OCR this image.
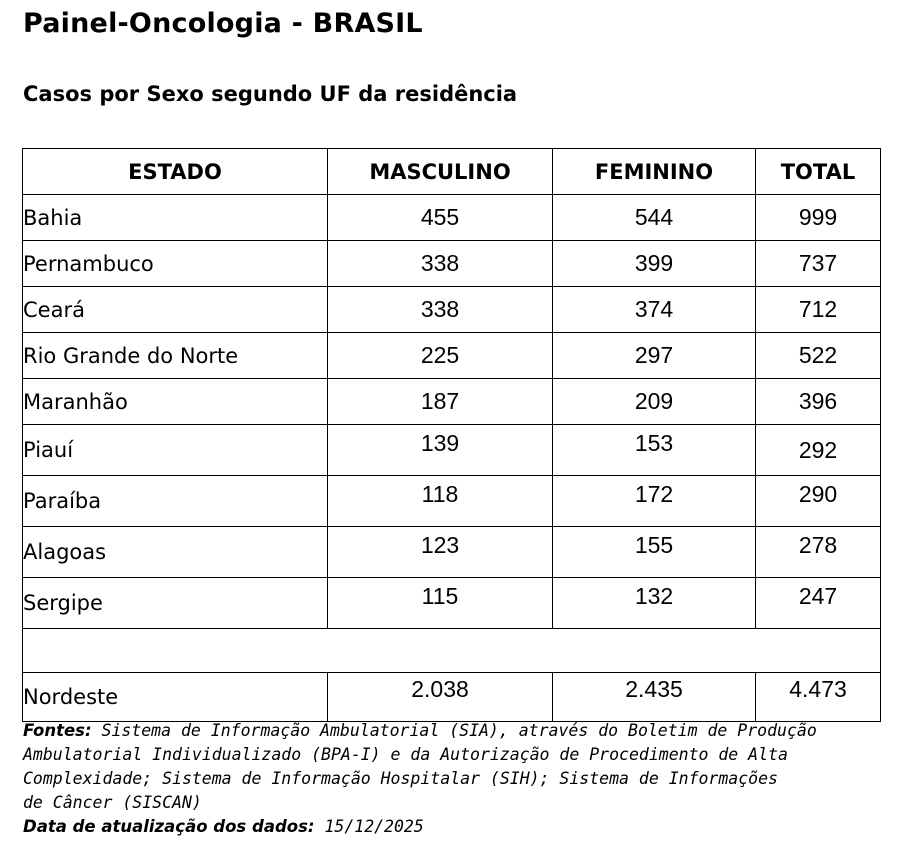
Painel-Oncologia - BRASIL
Casos por Sexo segundo UF da residência
ESTADO	MASCULINO	FEMININO	TOTAL
Bahia	455	544	999
Pernambuco	338	399	737
Ceará	338	374	712
Rio Grande do Norte	225	297	522
Maranhão	187	209	396
Piauí	139	153	292
Paraíba	118	172	290
Alagoas	123	155	278
Sergipe	115	132	247

Nordeste	2.038	2.435	4.473
Fontes: Sistema de Informação Ambulatorial (SIA), através do Boletim de Produção
Ambulatorial Individualizado (BPA-I) e da Autorização de Procedimento de Alta
Complexidade; Sistema de Informação Hospitalar (SIH); Sistema de Informações
de Câncer (SISCAN)
Data de atualização dos dados: 15/12/2025
